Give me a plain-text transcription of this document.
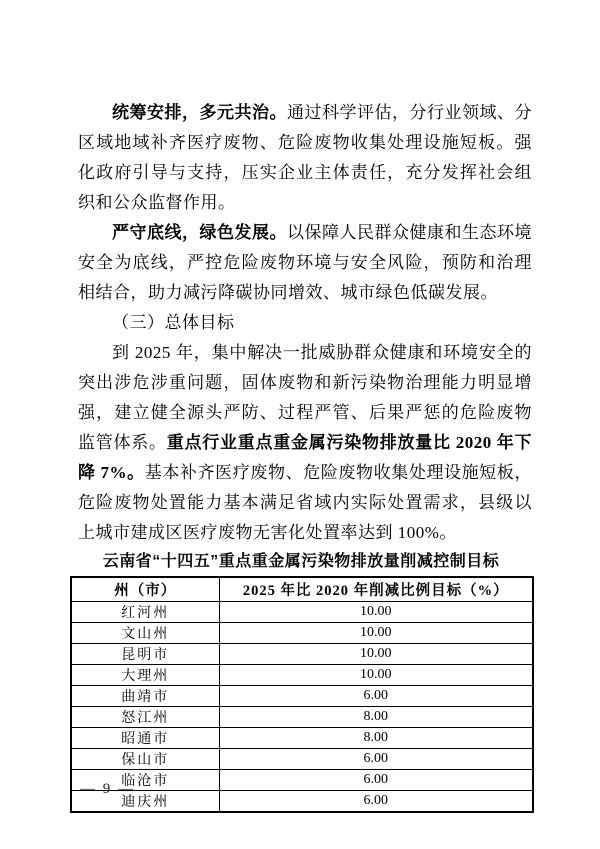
统筹安排，多元共治。通过科学评估，分行业领域、分区域地域补齐医疗废物、危险废物收集处理设施短板。强化政府引导与支持，压实企业主体责任，充分发挥社会组织和公众监督作用。

严守底线，绿色发展。以保障人民群众健康和生态环境安全为底线，严控危险废物环境与安全风险，预防和治理相结合，助力减污降碳协同增效、城市绿色低碳发展。

（三）总体目标

到 2025 年，集中解决一批威胁群众健康和环境安全的突出涉危涉重问题，固体废物和新污染物治理能力明显增强，建立健全源头严防、过程严管、后果严惩的危险废物监管体系。重点行业重点重金属污染物排放量比 2020 年下降 7%。基本补齐医疗废物、危险废物收集处理设施短板，危险废物处置能力基本满足省域内实际处置需求，县级以上城市建成区医疗废物无害化处置率达到 100%。

云南省“十四五”重点重金属污染物排放量削减控制目标

州（市）	2025 年比 2020 年削减比例目标（%）
红河州	10.00
文山州	10.00
昆明市	10.00
大理州	10.00
曲靖市	6.00
怒江州	8.00
昭通市	8.00
保山市	6.00
临沧市	6.00
迪庆州	6.00
— 9 —
